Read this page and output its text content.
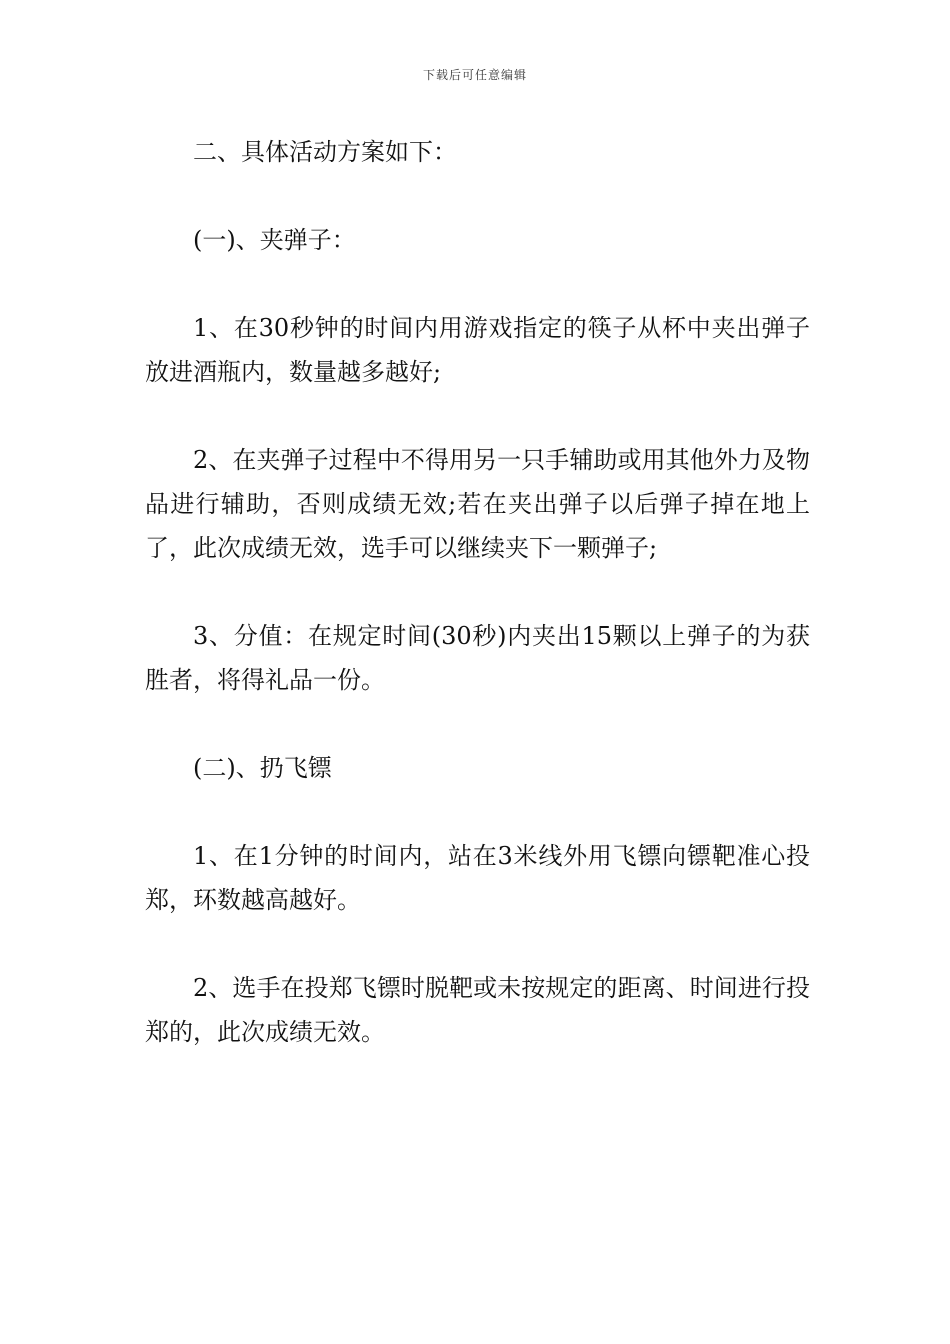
下载后可任意编辑

二、具体活动方案如下：

(一)、夹弹子：

1、在30秒钟的时间内用游戏指定的筷子从杯中夹出弹子放进酒瓶内，数量越多越好;

2、在夹弹子过程中不得用另一只手辅助或用其他外力及物品进行辅助，否则成绩无效;若在夹出弹子以后弹子掉在地上了，此次成绩无效，选手可以继续夹下一颗弹子;

3、分值：在规定时间(30秒)内夹出15颗以上弹子的为获胜者，将得礼品一份。

(二)、扔飞镖

1、在1分钟的时间内，站在3米线外用飞镖向镖靶准心投郑，环数越高越好。

2、选手在投郑飞镖时脱靶或未按规定的距离、时间进行投郑的，此次成绩无效。
